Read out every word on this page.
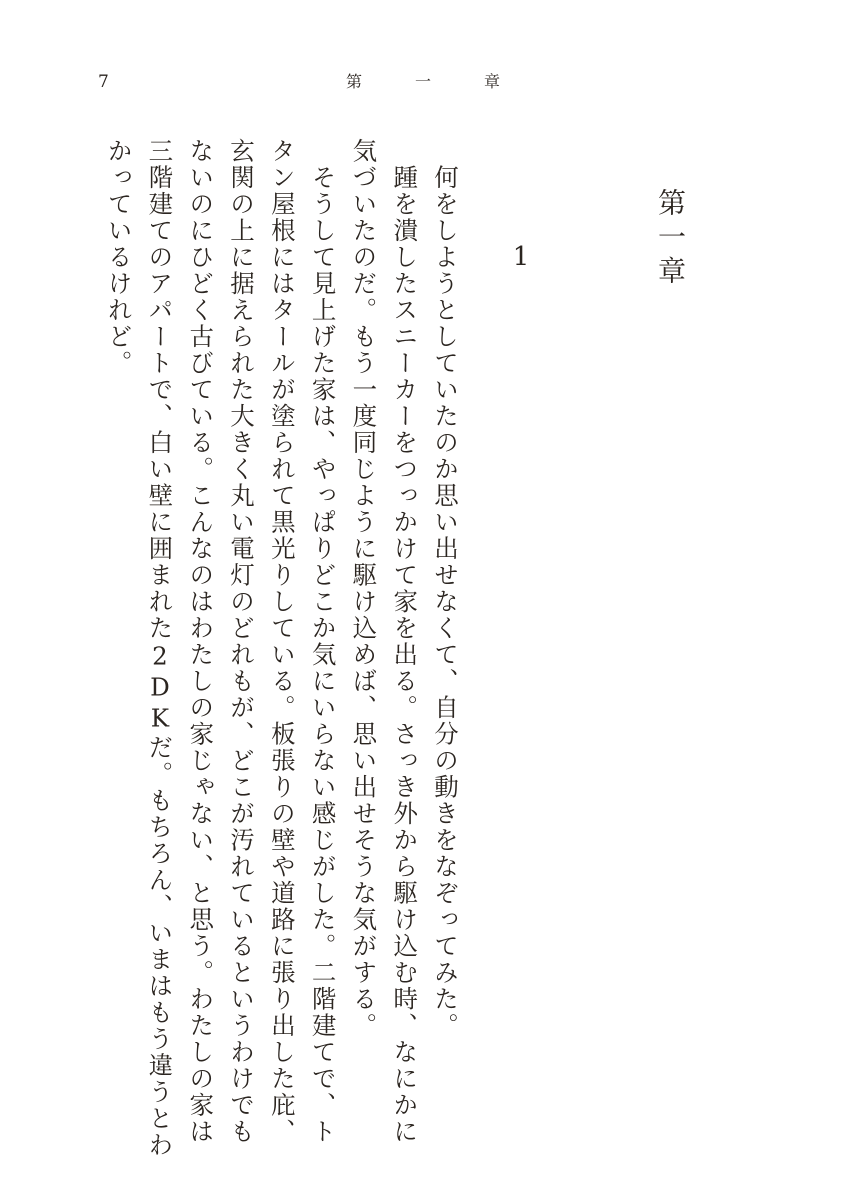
7	第	一	章
第一章
1
　何をしようとしていたのか思い出せなくて、自分の動きをなぞってみた。
　踵を潰したスニーカーをつっかけて家を出る。さっき外から駆け込む時、なにかに
気づいたのだ。もう一度同じように駆け込めば、思い出せそうな気がする。
　そうして見上げた家は、やっぱりどこか気にいらない感じがした。二階建てで、ト
タン屋根にはタールが塗られて黒光りしている。板張りの壁や道路に張り出した庇、
玄関の上に据えられた大きく丸い電灯のどれもが、どこが汚れているというわけでも
ないのにひどく古びている。こんなのはわたしの家じゃない、と思う。わたしの家は
三階建てのアパートで、白い壁に囲まれた2DKだ。もちろん、いまはもう違うとわ
かっているけれど。
